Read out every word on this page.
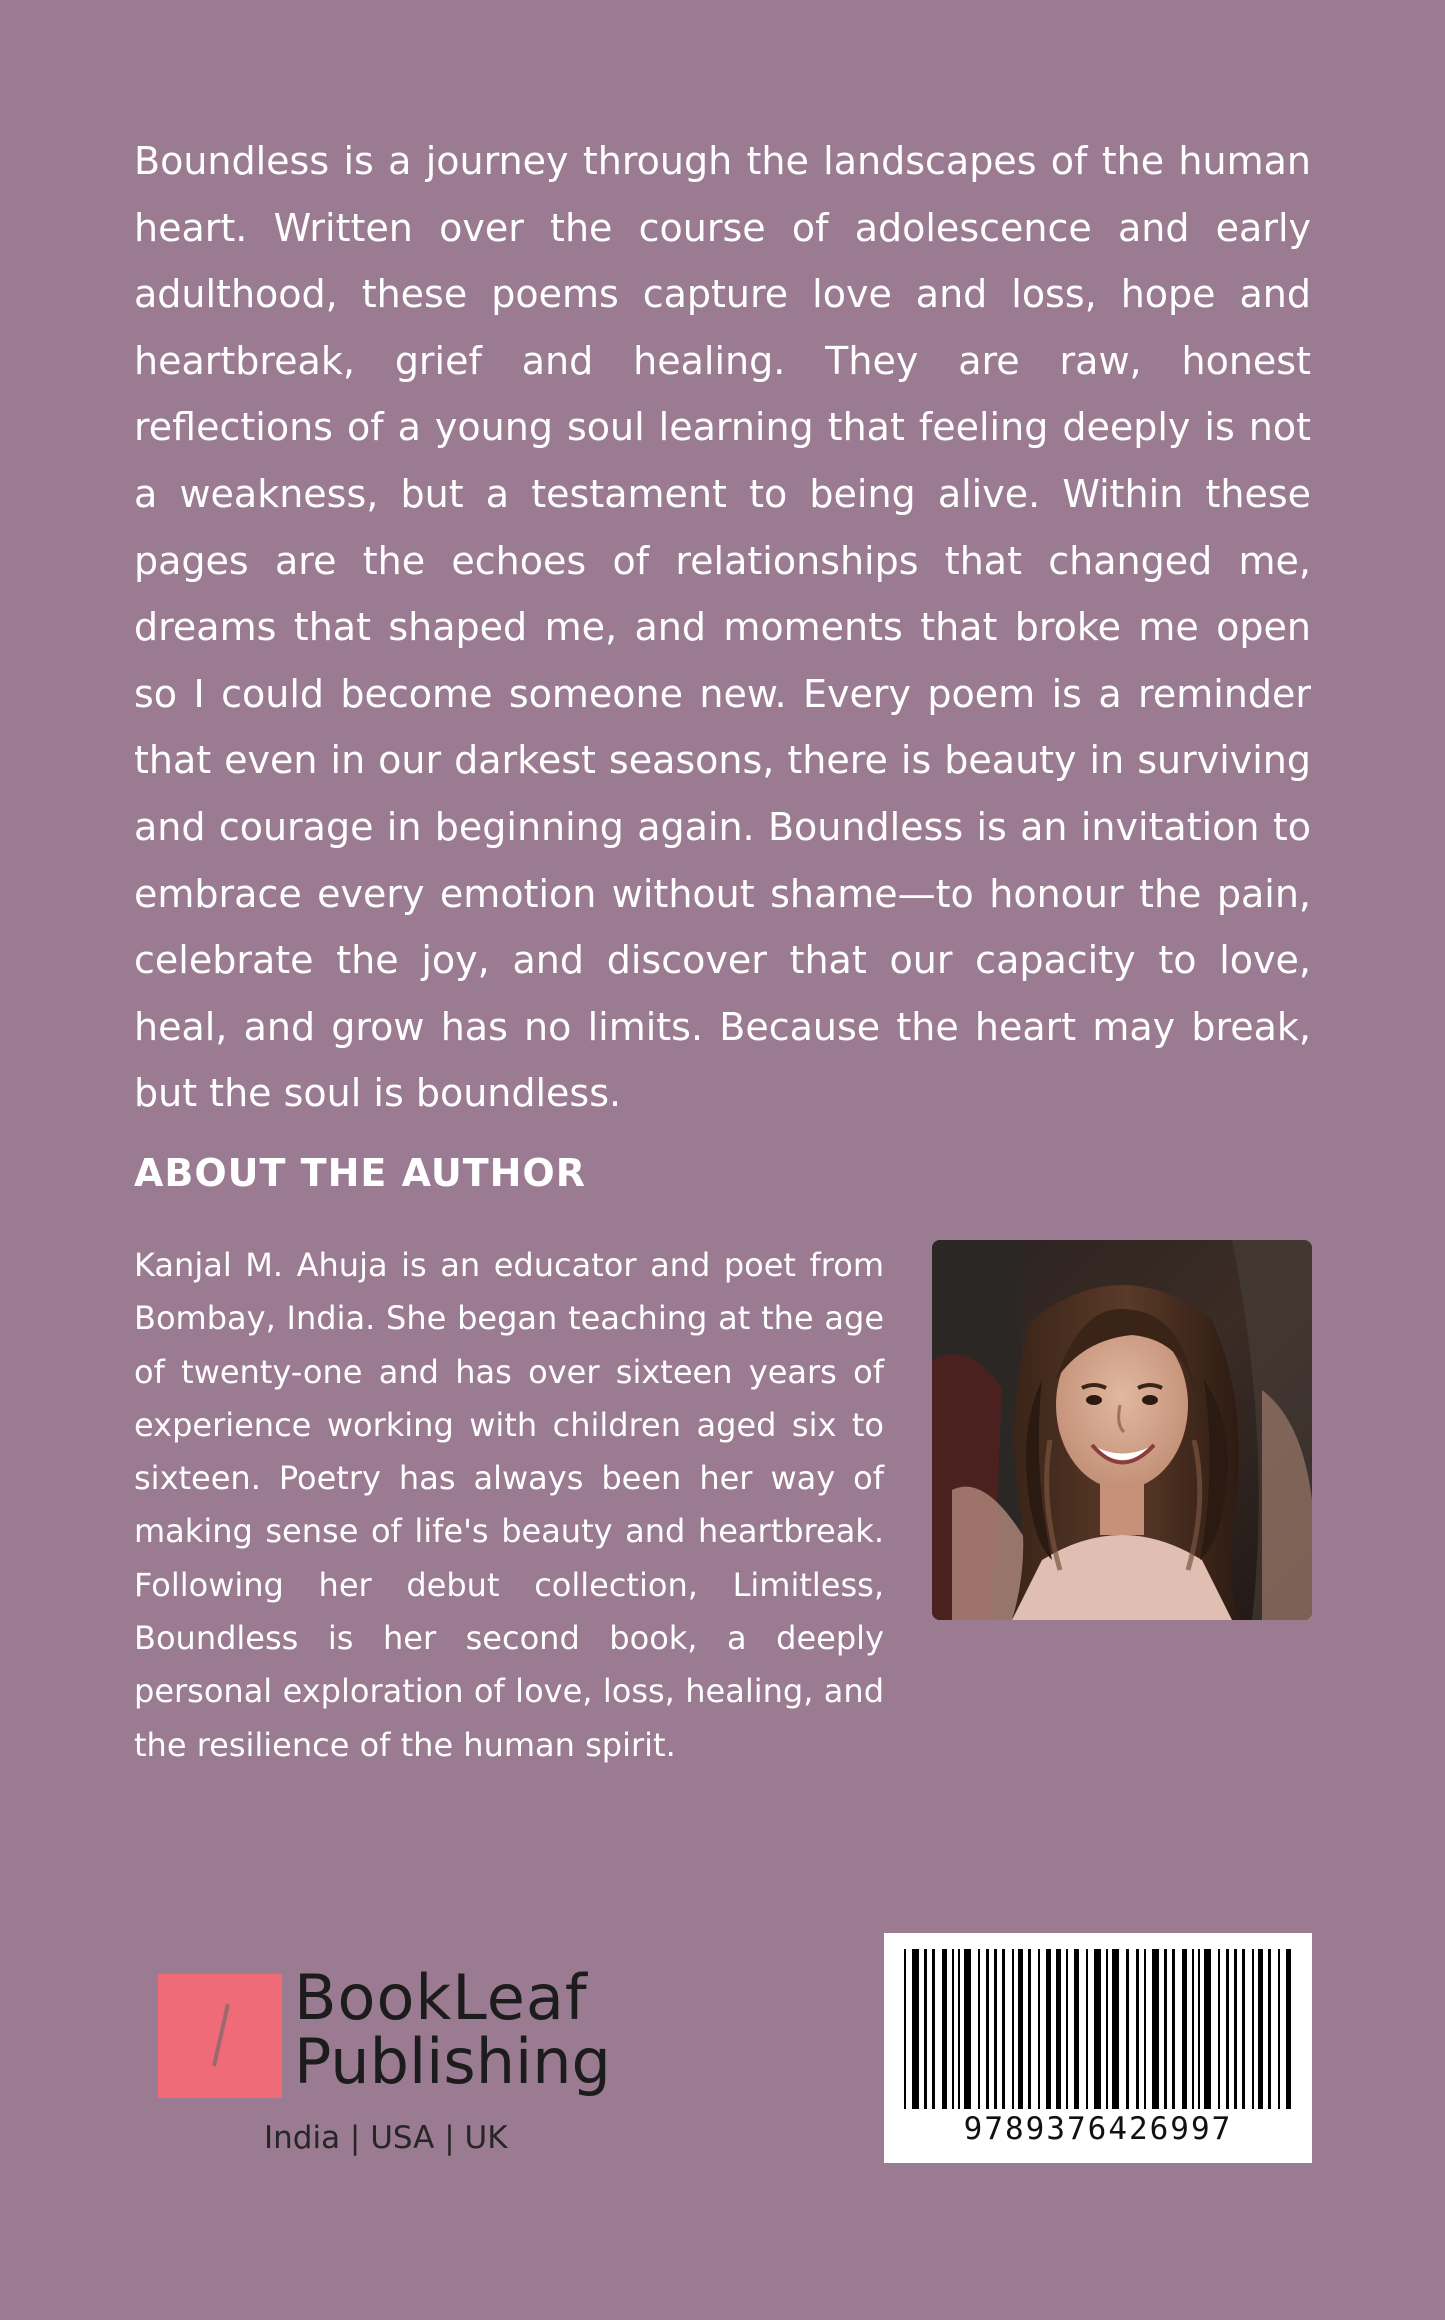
Boundless is a journey through the landscapes of the human heart. Written over the course of adolescence and early adulthood, these poems capture love and loss, hope and heartbreak, grief and healing. They are raw, honest reflections of a young soul learning that feeling deeply is not a weakness, but a testament to being alive. Within these pages are the echoes of relationships that changed me, dreams that shaped me, and moments that broke me open so I could become someone new. Every poem is a reminder that even in our darkest seasons, there is beauty in surviving and courage in beginning again. Boundless is an invitation to embrace every emotion without shame—to honour the pain, celebrate the joy, and discover that our capacity to love, heal, and grow has no limits. Because the heart may break, but the soul is boundless.

ABOUT THE AUTHOR

Kanjal M. Ahuja is an educator and poet from Bombay, India. She began teaching at the age of twenty-one and has over sixteen years of experience working with children aged six to sixteen. Poetry has always been her way of making sense of life's beauty and heartbreak. Following her debut collection, Limitless, Boundless is her second book, a deeply personal exploration of love, loss, healing, and the resilience of the human spirit.

BookLeaf
Publishing
India | USA | UK	9789376426997
